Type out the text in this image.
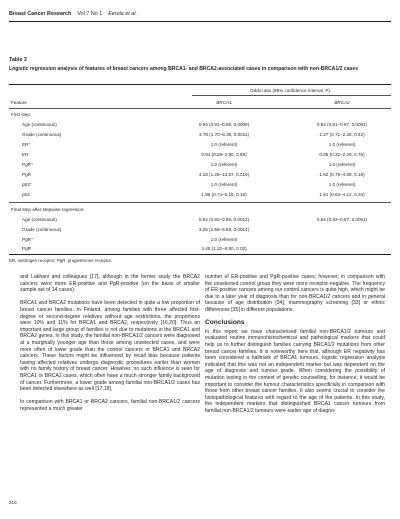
Breast Cancer Research Vol 7 No 1 Eerola et al.
Table 3
Logistic regression analysis of features of breast cancers among BRCA1- and BRCA2-associated cases in comparison with non-BRCA1/2 cases
Odds ratio (95% confidence interval, P)
Feature	BRCA1	BRCA2
First step:
Age (continuous)	0.94 (0.91–0.98, 0.0009)	0.94 (0.91–0.97, 0.0001)
Grade (continuous)	3.78 (1.70–8.39, 0.0011)	1.27 (0.71–2.26, 0.42)
ER⁺	1.0 (referent)	1.0 (referent)
ER	0.91 (0.28–2.90, 0.88)	0.85 (0.32–2.29, 0.75)
PgR⁺	1.0 (referent)	1.0 (referent)
PgR	4.18 (1.26–13.87, 0.019)	1.82 (0.75–4.08, 0.18)
p53⁺	1.0 (referent)	1.0 (referent)
p53	1.96 (0.74–5.18, 0.18)	1.61 (0.63–4.12, 0.34)
Final step after stepwise regression:
Age (continuous)	0.94 (0.92–0.98, 0.0012)	0.94 (0.92–0.97, 0.0001)
Grade (continuous)	3.25 (1.58–6.69, 0.0014)
PgR⁺	1.0 (referent)
PgR	3.45 (1.22–9.80, 0.02)
ER, oestrogen receptor; PgR, progesterone receptor.

and Lakhani and colleagues [17], although in the former study the BRCA2 cancers were more ER-positive and PgR-positive (on the basis of smaller sample set of 14 cases).

BRCA1 and BRCA2 mutations have been detected in quite a low proportion of breast cancer families. In Finland, among families with three affected first-degree or second-degree relatives without age restrictions, the proportions were 10% and 11% for BRCA1 and BRCA2, respectively [16,20]. Thus an important and large group of families is not due to mutations in the BRCA1 and BRCA2 genes. In this study, the familial non-BRCA1/2 cancers were diagnosed at a marginally younger age than those among unselected cases, and were more often of lower grade than the control cancers or BRCA1 and BRCA2 cancers. These factors might be influenced by recall bias because patients having affected relatives undergo diagnostic procedures earlier than women with no family history of breast cancer. However, no such influence is seen for BRCA1 or BRCA2 cases, which often have a much stronger family background of cancer. Furthermore, a lower grade among familial non-BRCA1/2 cases has been detected elsewhere as well [17,18].

In comparison with BRCA1 or BRCA2 cancers, familial non-BRCA1/2 cancers represented a much greater

number of ER-positive and PgR-positive cases; however, in comparison with the unselected control group they were more receptor-negative. The frequency of ER-positive cancers among our control cancers is quite high, which might be due to a later year of diagnosis than for non-BRCA1/2 cancers and in general because of age distribution [34], mammography screening [33] or ethnic differences [35] in different populations.

Conclusions

In this report we have characterised familial non-BRCA1/2 tumours and evaluated routine immunohistochemical and pathological markers that could help us to further distinguish families carrying BRCA1/2 mutations from other breast cancer families. It is noteworthy here that, although ER negativity has been considered a hallmark of BRCA1 tumours, logistic regression analysis indicated that this was not an independent marker but was dependent on the age of diagnosis and tumour grade. When considering the possibility of mutation testing in the context of genetic counselling, for instance, it would be important to consider the tumour characteristics specifically in comparison with those from other breast cancer families. It also seems crucial to consider the histopathological features with regard to the age of the patients. In this study, the independent markers that distinguished BRCA1 cancer tumours from familial non-BRCA1/2 tumours were earlier age of diagno-

216
